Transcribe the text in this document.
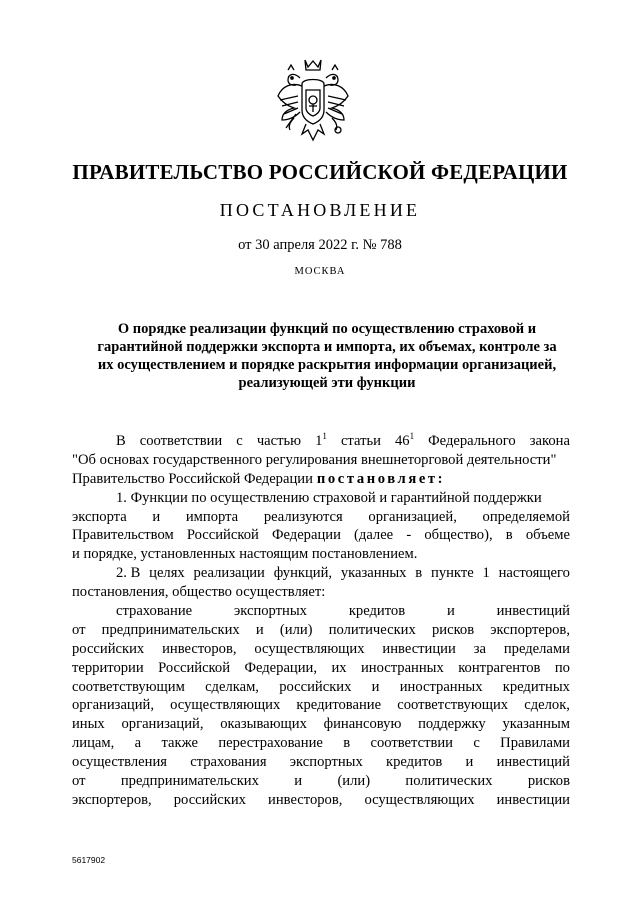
ПРАВИТЕЛЬСТВО РОССИЙСКОЙ ФЕДЕРАЦИИ
ПОСТАНОВЛЕНИЕ
от 30 апреля 2022 г. № 788
МОСКВА
О порядке реализации функций по осуществлению страховой и
гарантийной поддержки экспорта и импорта, их объемах, контроле за
их осуществлением и порядке раскрытия информации организацией,
реализующей эти функции
В соответствии с частью $1^1$ статьи $46^1$ Федерального закона
"Об основах государственного регулирования внешнеторговой деятельности"
Правительство Российской Федерации постановляет:
1. Функции по осуществлению страховой и гарантийной поддержки
экспорта и импорта реализуются организацией, определяемой
Правительством Российской Федерации (далее - общество), в объеме
и порядке, установленных настоящим постановлением.
2. В целях реализации функций, указанных в пункте 1 настоящего
постановления, общество осуществляет:
страхование	экспортных	кредитов	и	инвестиций
от предпринимательских и (или) политических рисков экспортеров,
российских инвесторов, осуществляющих инвестиции за пределами
территории Российской Федерации, их иностранных контрагентов по
соответствующим сделкам, российских и иностранных кредитных
организаций, осуществляющих кредитование соответствующих сделок,
иных организаций, оказывающих финансовую поддержку указанным
лицам, а также перестрахование в соответствии с Правилами
осуществления страхования экспортных кредитов и инвестиций
от предпринимательских и (или) политических рисков
экспортеров, российских инвесторов, осуществляющих инвестиции
5617902
